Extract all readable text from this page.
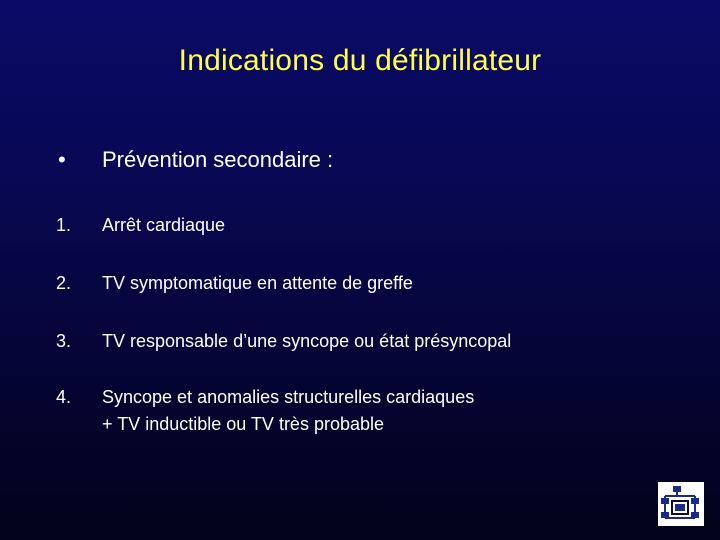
Indications du défibrillateur
• Prévention secondaire :
1. Arrêt cardiaque
2. TV symptomatique en attente de greffe
3. TV responsable d’une syncope ou état présyncopal
4. Syncope et anomalies structurelles cardiaques
+ TV inductible ou TV très probable
